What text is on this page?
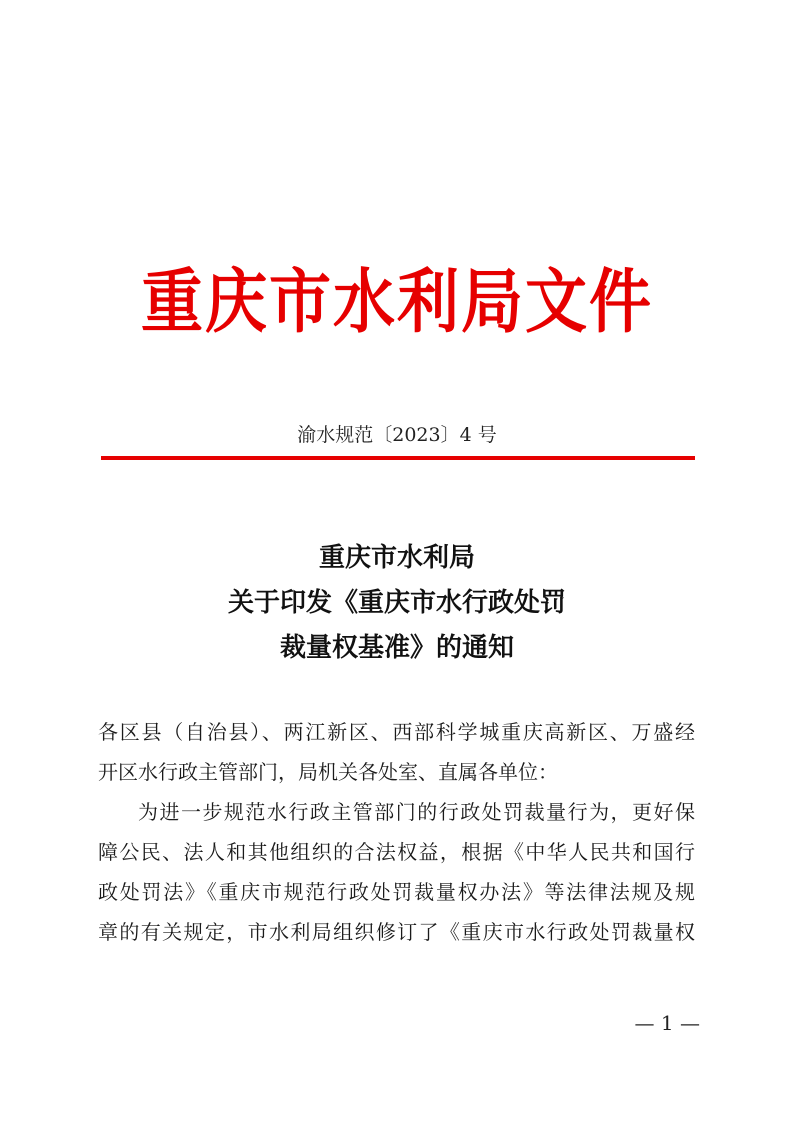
重庆市水利局文件
渝水规范〔2023〕4 号
重庆市水利局
关于印发《重庆市水行政处罚
裁量权基准》的通知
各区县（自治县）、两江新区、西部科学城重庆高新区、万盛经
开区水行政主管部门，局机关各处室、直属各单位：
为进一步规范水行政主管部门的行政处罚裁量行为，更好保
障公民、法人和其他组织的合法权益，根据《中华人民共和国行
政处罚法》《重庆市规范行政处罚裁量权办法》等法律法规及规
章的有关规定，市水利局组织修订了《重庆市水行政处罚裁量权
— 1 —
